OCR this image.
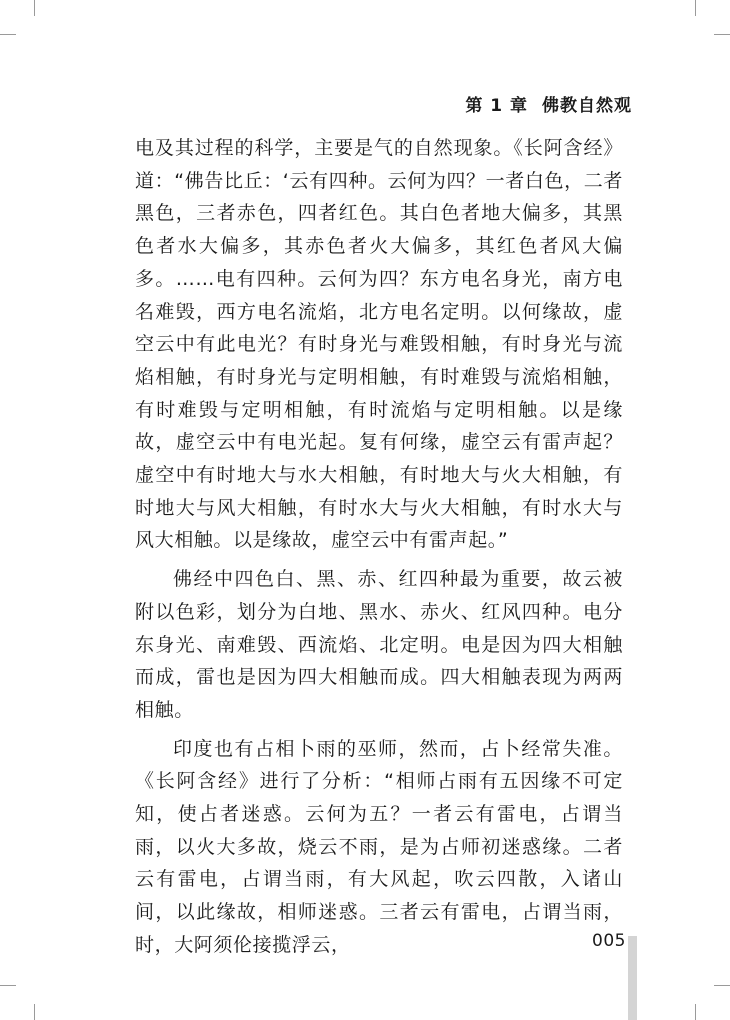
第 1 章 佛教自然观

电及其过程的科学，主要是气的自然现象。《长阿含经》道：“佛告比丘：‘云有四种。云何为四？一者白色，二者黑色，三者赤色，四者红色。其白色者地大偏多，其黑色者水大偏多，其赤色者火大偏多，其红色者风大偏多。……电有四种。云何为四？东方电名身光，南方电名难毁，西方电名流焰，北方电名定明。以何缘故，虚空云中有此电光？有时身光与难毁相触，有时身光与流焰相触，有时身光与定明相触，有时难毁与流焰相触，有时难毁与定明相触，有时流焰与定明相触。以是缘故，虚空云中有电光起。复有何缘，虚空云有雷声起？虚空中有时地大与水大相触，有时地大与火大相触，有时地大与风大相触，有时水大与火大相触，有时水大与风大相触。以是缘故，虚空云中有雷声起。”

佛经中四色白、黑、赤、红四种最为重要，故云被附以色彩，划分为白地、黑水、赤火、红风四种。电分东身光、南难毁、西流焰、北定明。电是因为四大相触而成，雷也是因为四大相触而成。四大相触表现为两两相触。

印度也有占相卜雨的巫师，然而，占卜经常失准。《长阿含经》进行了分析：“相师占雨有五因缘不可定知，使占者迷惑。云何为五？一者云有雷电，占谓当雨，以火大多故，烧云不雨，是为占师初迷惑缘。二者云有雷电，占谓当雨，有大风起，吹云四散，入诸山间，以此缘故，相师迷惑。三者云有雷电，占谓当雨，时，大阿须伦接揽浮云，	005
